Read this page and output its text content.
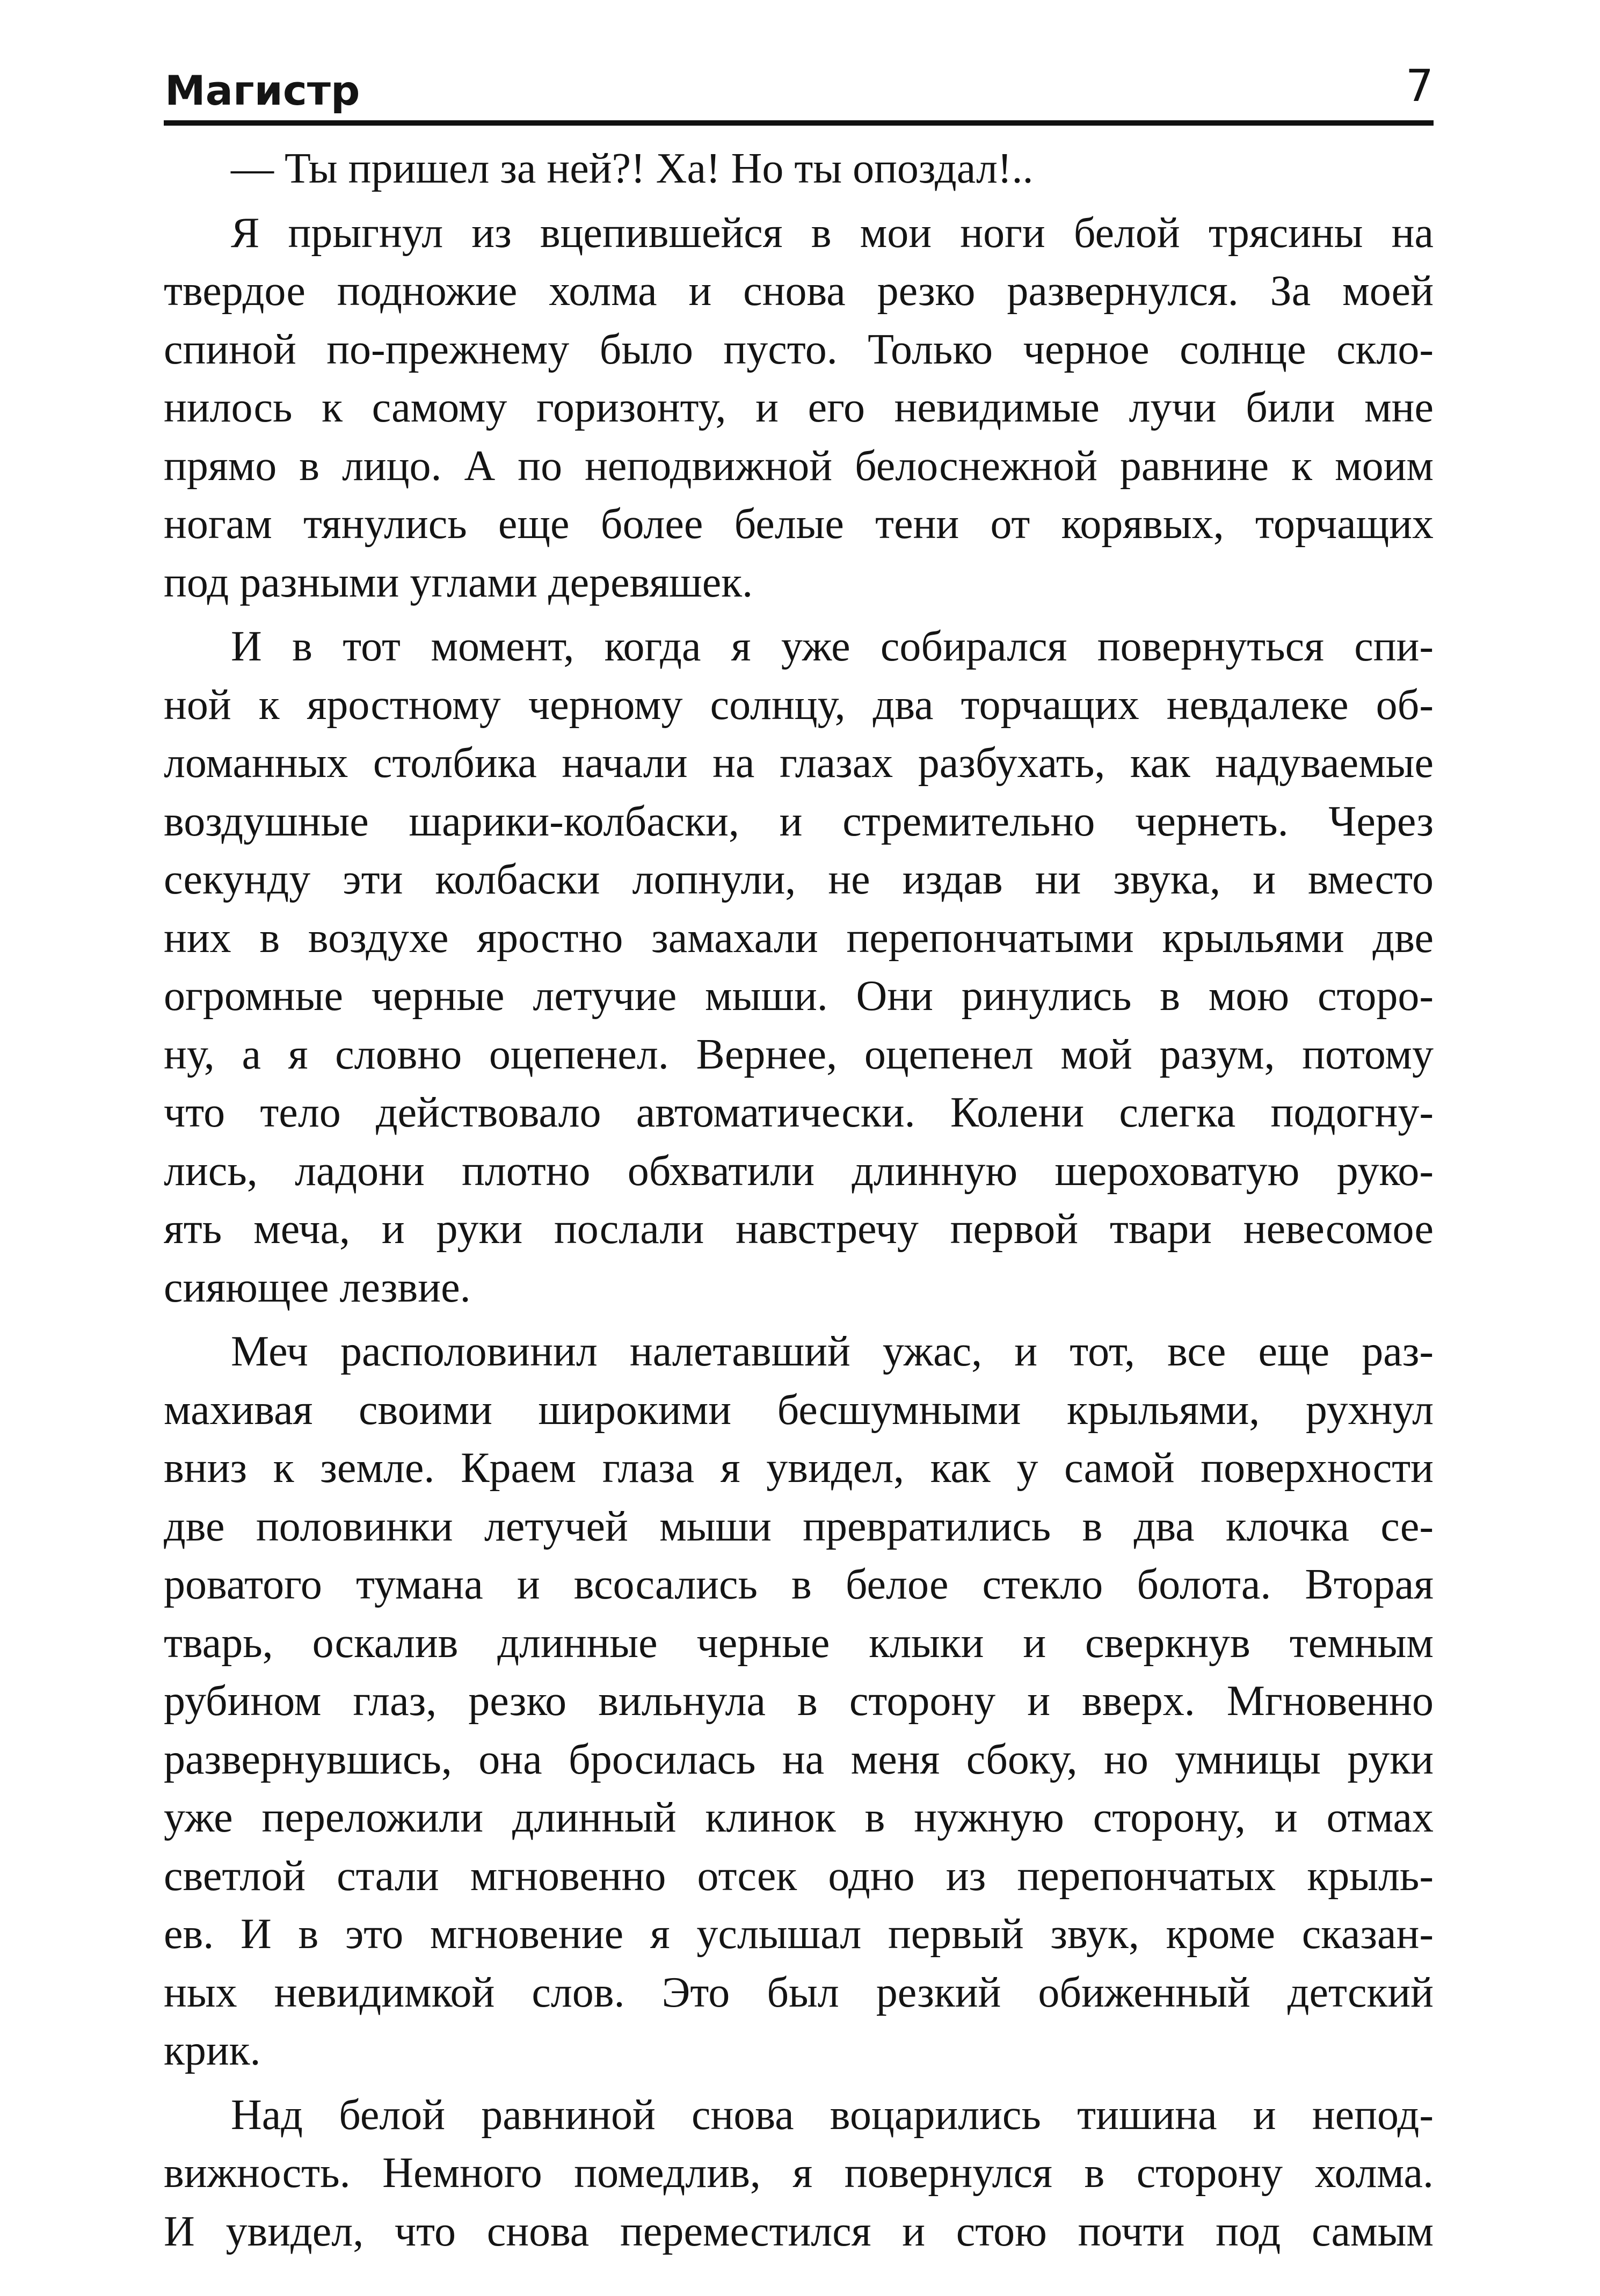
Магистр	7

— Ты пришел за ней?! Ха! Но ты опоздал!..

Я прыгнул из вцепившейся в мои ноги белой трясины на
твердое подножие холма и снова резко развернулся. За моей
спиной по-прежнему было пусто. Только черное солнце скло-
нилось к самому горизонту, и его невидимые лучи били мне
прямо в лицо. А по неподвижной белоснежной равнине к моим
ногам тянулись еще более белые тени от корявых, торчащих
под разными углами деревяшек.

И в тот момент, когда я уже собирался повернуться спи-
ной к яростному черному солнцу, два торчащих невдалеке об-
ломанных столбика начали на глазах разбухать, как надуваемые
воздушные шарики-колбаски, и стремительно чернеть. Через
секунду эти колбаски лопнули, не издав ни звука, и вместо
них в воздухе яростно замахали перепончатыми крыльями две
огромные черные летучие мыши. Они ринулись в мою сторо-
ну, а я словно оцепенел. Вернее, оцепенел мой разум, потому
что тело действовало автоматически. Колени слегка подогну-
лись, ладони плотно обхватили длинную шероховатую руко-
ять меча, и руки послали навстречу первой твари невесомое
сияющее лезвие.

Меч располовинил налетавший ужас, и тот, все еще раз-
махивая своими широкими бесшумными крыльями, рухнул
вниз к земле. Краем глаза я увидел, как у самой поверхности
две половинки летучей мыши превратились в два клочка се-
роватого тумана и всосались в белое стекло болота. Вторая
тварь, оскалив длинные черные клыки и сверкнув темным
рубином глаз, резко вильнула в сторону и вверх. Мгновенно
развернувшись, она бросилась на меня сбоку, но умницы руки
уже переложили длинный клинок в нужную сторону, и отмах
светлой стали мгновенно отсек одно из перепончатых крыль-
ев. И в это мгновение я услышал первый звук, кроме сказан-
ных невидимкой слов. Это был резкий обиженный детский
крик.

Над белой равниной снова воцарились тишина и непод-
вижность. Немного помедлив, я повернулся в сторону холма.
И увидел, что снова переместился и стою почти под самым
